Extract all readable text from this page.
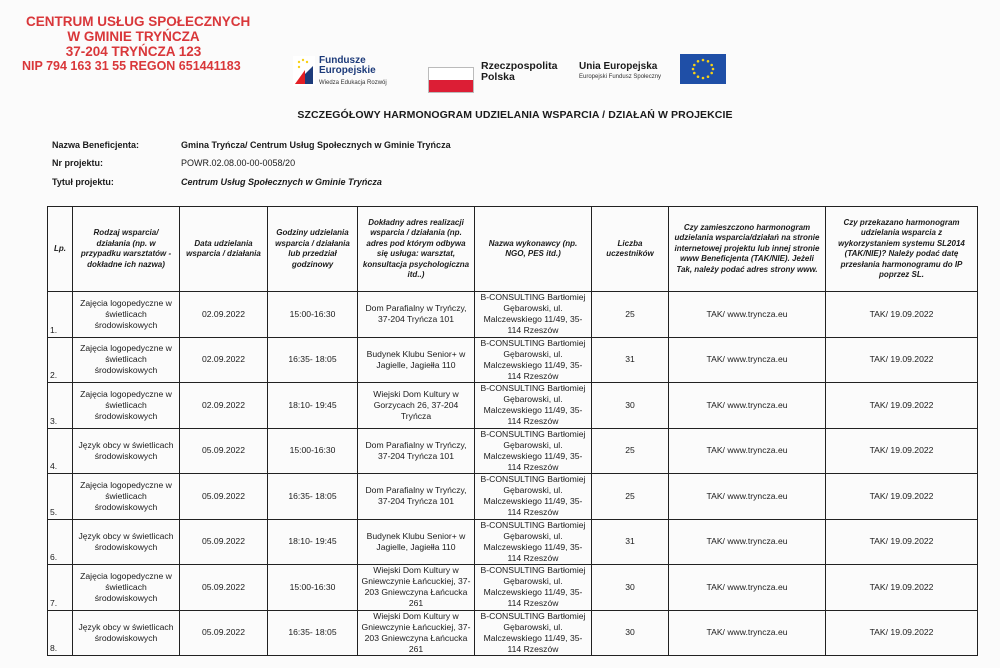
CENTRUM USŁUG SPOŁECZNYCH
W GMINIE TRYŃCZA
37-204 TRYŃCZA 123
NIP 794 163 31 55 REGON 651441183	Fundusze
Europejskie
Wiedza Edukacja Rozwój
Rzeczpospolita
Polska
Unia Europejska
Europejski Fundusz Społeczny
SZCZEGÓŁOWY HARMONOGRAM UDZIELANIA WSPARCIA / DZIAŁAŃ W PROJEKCIE
Nazwa Beneficjenta:	Gmina Tryńcza/ Centrum Usług Społecznych w Gminie Tryńcza
Nr projektu:	POWR.02.08.00-00-0058/20
Tytuł projektu:	Centrum Usług Społecznych w Gminie Tryńcza
Lp.	Rodzaj wsparcia/ działania (np. w przypadku warsztatów - dokładne ich nazwa)	Data udzielania wsparcia / działania	Godziny udzielania wsparcia / działania lub przedział godzinowy	Dokładny adres realizacji wsparcia / działania (np. adres pod którym odbywa się usługa: warsztat, konsultacja psychologiczna itd..)	Nazwa wykonawcy (np. NGO, PES itd.)	Liczba uczestników	Czy zamieszczono harmonogram udzielania wsparcia/działań na stronie internetowej projektu lub innej stronie www Beneficjenta (TAK/NIE). Jeżeli Tak, należy podać adres strony www.	Czy przekazano harmonogram udzielania wsparcia z wykorzystaniem systemu SL2014 (TAK/NIE)? Należy podać datę przesłania harmonogramu do IP poprzez SL.
1.	Zajęcia logopedyczne w świetlicach środowiskowych	02.09.2022	15:00-16:30	Dom Parafialny w Tryńczy, 37-204 Tryńcza 101	B-CONSULTING Bartłomiej Gębarowski, ul. Malczewskiego 11/49, 35-114 Rzeszów	25	TAK/ www.tryncza.eu	TAK/ 19.09.2022
2.	Zajęcia logopedyczne w świetlicach środowiskowych	02.09.2022	16:35- 18:05	Budynek Klubu Senior+ w Jagielle, Jagiełła 110	B-CONSULTING Bartłomiej Gębarowski, ul. Malczewskiego 11/49, 35-114 Rzeszów	31	TAK/ www.tryncza.eu	TAK/ 19.09.2022
3.	Zajęcia logopedyczne w świetlicach środowiskowych	02.09.2022	18:10- 19:45	Wiejski Dom Kultury w Gorzycach 26, 37-204 Tryńcza	B-CONSULTING Bartłomiej Gębarowski, ul. Malczewskiego 11/49, 35-114 Rzeszów	30	TAK/ www.tryncza.eu	TAK/ 19.09.2022
4.	Język obcy w świetlicach środowiskowych	05.09.2022	15:00-16:30	Dom Parafialny w Tryńczy, 37-204 Tryńcza 101	B-CONSULTING Bartłomiej Gębarowski, ul. Malczewskiego 11/49, 35-114 Rzeszów	25	TAK/ www.tryncza.eu	TAK/ 19.09.2022
5.	Zajęcia logopedyczne w świetlicach środowiskowych	05.09.2022	16:35- 18:05	Dom Parafialny w Tryńczy, 37-204 Tryńcza 101	B-CONSULTING Bartłomiej Gębarowski, ul. Malczewskiego 11/49, 35-114 Rzeszów	25	TAK/ www.tryncza.eu	TAK/ 19.09.2022
6.	Język obcy w świetlicach środowiskowych	05.09.2022	18:10- 19:45	Budynek Klubu Senior+ w Jagielle, Jagiełła 110	B-CONSULTING Bartłomiej Gębarowski, ul. Malczewskiego 11/49, 35-114 Rzeszów	31	TAK/ www.tryncza.eu	TAK/ 19.09.2022
7.	Zajęcia logopedyczne w świetlicach środowiskowych	05.09.2022	15:00-16:30	Wiejski Dom Kultury w Gniewczynie Łańcuckiej, 37-203 Gniewczyna Łańcucka 261	B-CONSULTING Bartłomiej Gębarowski, ul. Malczewskiego 11/49, 35-114 Rzeszów	30	TAK/ www.tryncza.eu	TAK/ 19.09.2022
8.	Język obcy w świetlicach środowiskowych	05.09.2022	16:35- 18:05	Wiejski Dom Kultury w Gniewczynie Łańcuckiej, 37-203 Gniewczyna Łańcucka 261	B-CONSULTING Bartłomiej Gębarowski, ul. Malczewskiego 11/49, 35-114 Rzeszów	30	TAK/ www.tryncza.eu	TAK/ 19.09.2022
